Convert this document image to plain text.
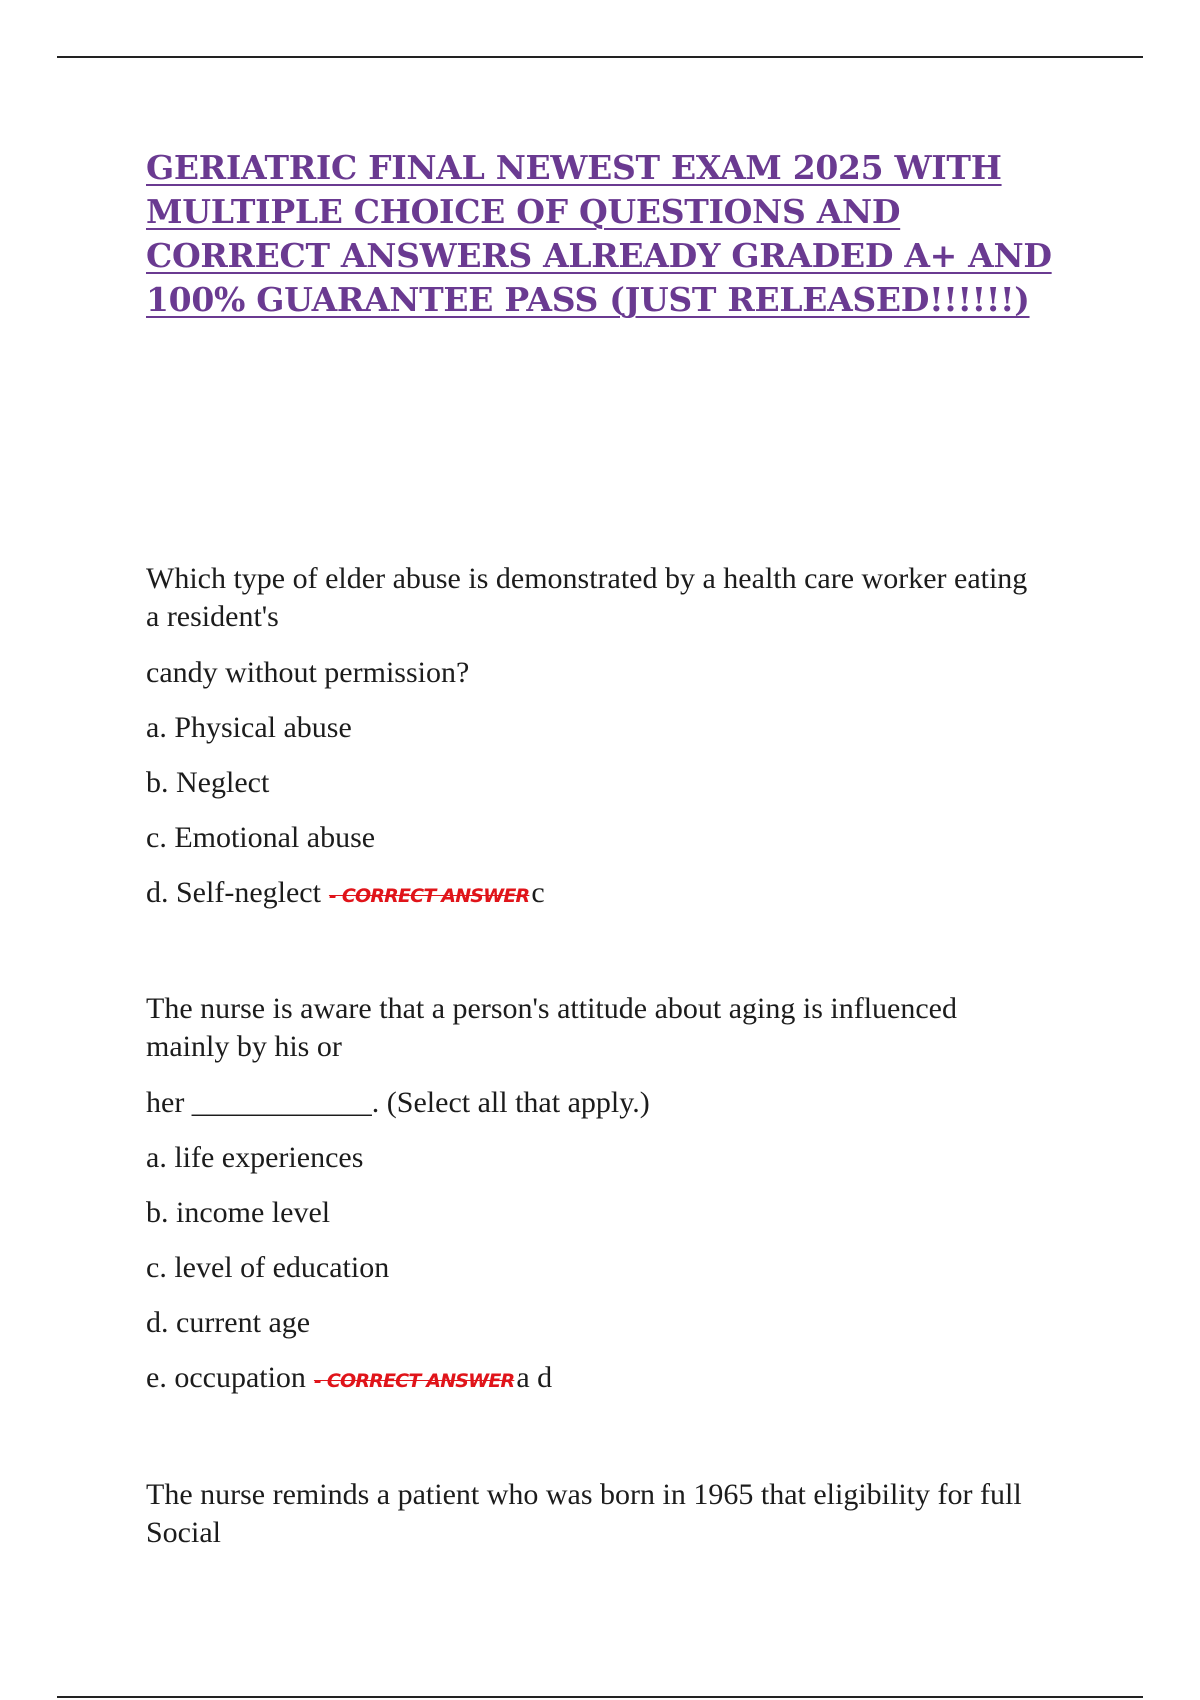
GERIATRIC FINAL NEWEST EXAM 2025 WITH MULTIPLE CHOICE OF QUESTIONS AND CORRECT ANSWERS ALREADY GRADED A+ AND 100% GUARANTEE PASS (JUST RELEASED!!!!!!)

Which type of elder abuse is demonstrated by a health care worker eating a resident's

candy without permission?

a. Physical abuse

b. Neglect

c. Emotional abuse

d. Self-neglect - CORRECT ANSWERc

The nurse is aware that a person's attitude about aging is influenced mainly by his or

her ____________. (Select all that apply.)

a. life experiences

b. income level

c. level of education

d. current age

e. occupation - CORRECT ANSWERa d

The nurse reminds a patient who was born in 1965 that eligibility for full Social
